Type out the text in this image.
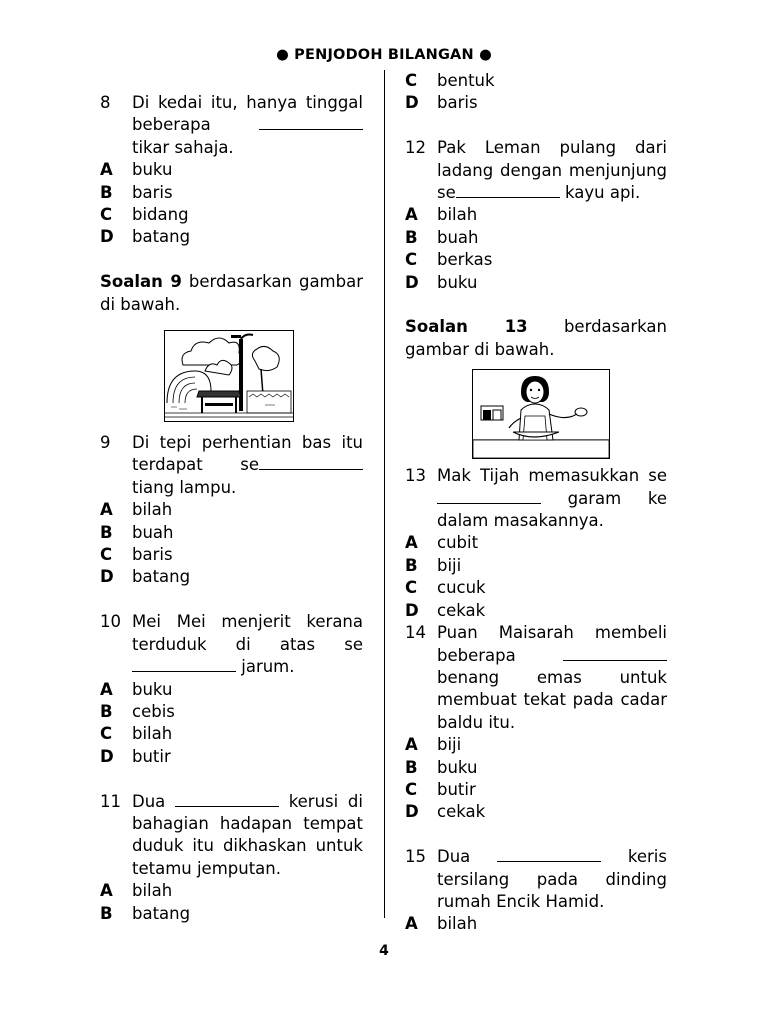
● PENJODOH BILANGAN ●
8 Di kedai itu, hanya tinggal beberapa   tikar sahaja.
A buku
B baris
C bidang
D batang
Soalan 9 berdasarkan gambar di bawah.
9 Di tepi perhentian bas itu terdapat se tiang lampu.
A bilah
B buah
C baris
D batang
10 Mei Mei menjerit kerana terduduk di atas se jarum.
A buku
B cebis
C bilah
D butir
11 Dua	kerusi di bahagian hadapan tempat duduk itu dikhaskan untuk tetamu jemputan.
A bilah
B batang
C bentuk
D baris
12 Pak Leman pulang dari ladang dengan menjunjung se	kayu api.
A bilah
B buah
C berkas
D buku
Soalan 13 berdasarkan gambar di bawah.
13 Mak Tijah memasukkan se garam ke dalam masakannya.
A cubit
B biji
C cucuk
D cekak
14 Puan Maisarah membeli beberapa  benang emas untuk membuat tekat pada cadar baldu itu.
A biji
B buku
C butir
D cekak
15 Dua	keris tersilang pada dinding rumah Encik Hamid.
A bilah
4
